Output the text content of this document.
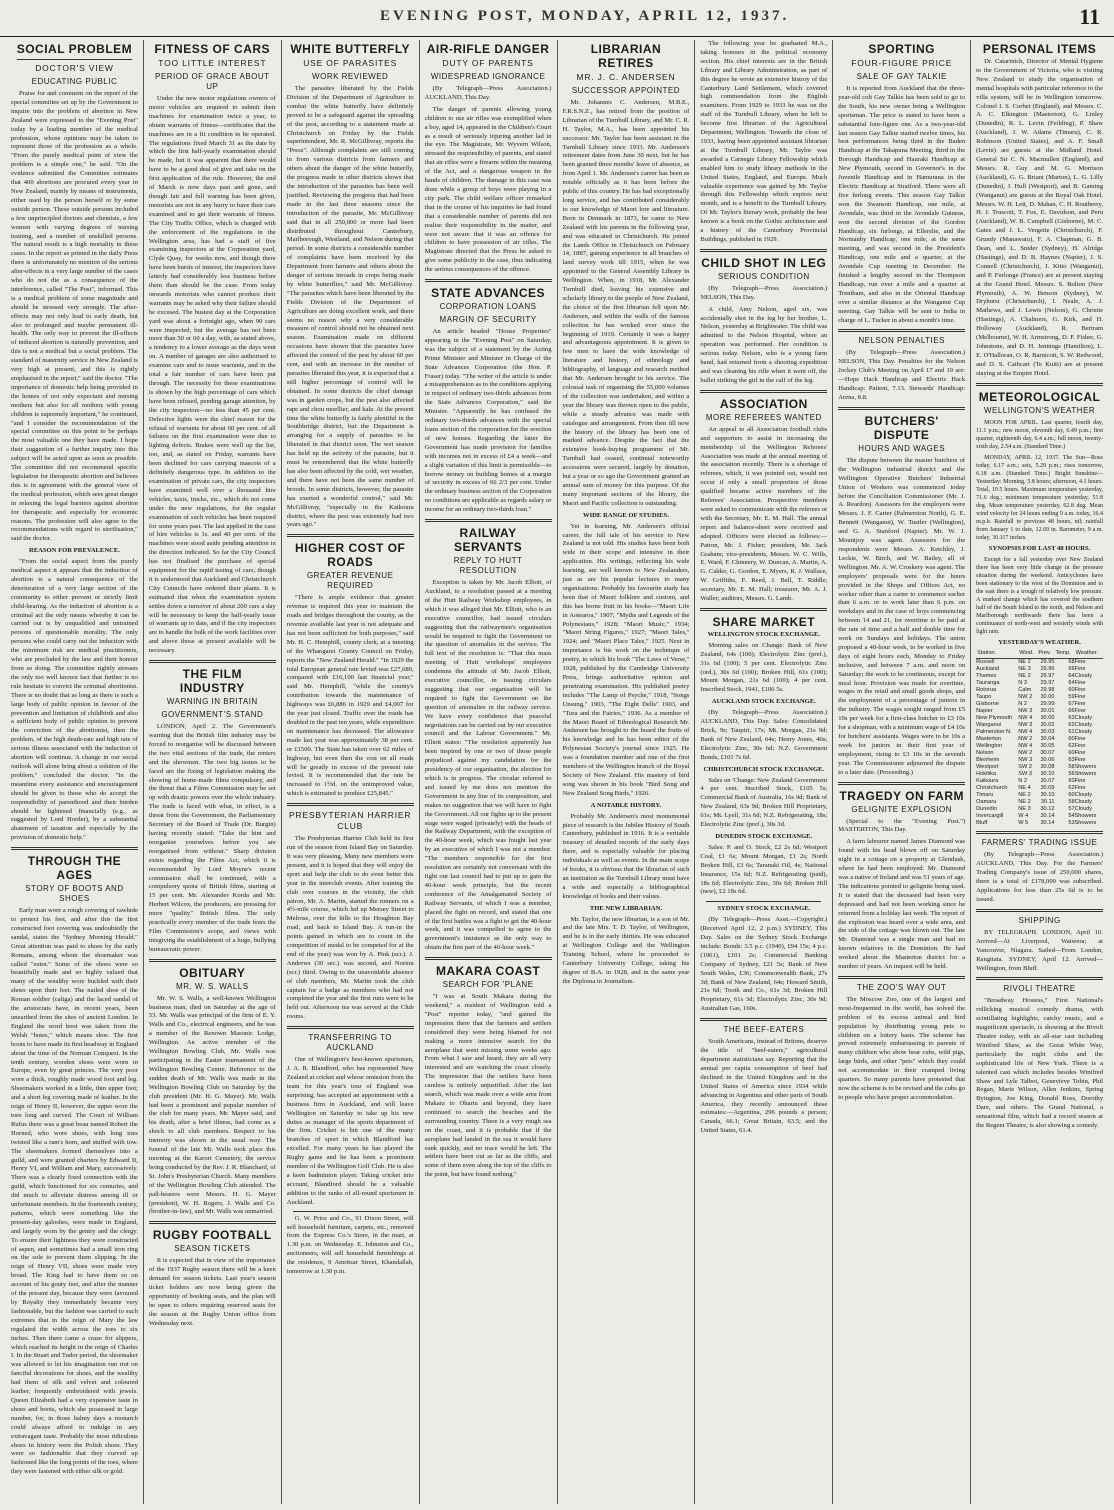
EVENING POST, MONDAY, APRIL 12, 1937.	11
SOCIAL PROBLEM
DOCTOR'S VIEW
EDUCATING PUBLIC

Praise for and comment on the report of the special committee set up by the Government to inquire into the problem of abortion in New Zealand were expressed to the "Evening Post" today by a leading member of the medical profession, whose opinions may be taken to represent those of the profession as a whole. "From the purely medical point of view the problem is a simple one," he said. "On the evidence submitted the Committee estimates that 400 abortions are procured every year in New Zealand, mainly by means of instruments, either used by the person herself or by some outside person. These outside persons included a few unprincipled doctors and chemists, a few women with varying degrees of nursing training, and a number of unskilled persons. The natural result is a high mortality in these cases. In the report as printed in the daily Press there is unfortunately no mention of the serious after-effects in a very large number of the cases who do not die as a consequence of the interference, called "The Post", informed. This is a medical problem of some magnitude and should be stressed very strongly. The after-effects may not only lead to early death, but also to prolonged and maybe permanent ill-health. The only way to prevent the ill-effects of induced abortion is naturally prevention, and this is not a medical but a social problem. The standard of maternity service in New Zealand is very high at present, and this is rightly emphasised in the report," said the doctor. "The importance of domestic help being provided in the homes of not only expectant and nursing mothers but also for all mothers with young children is supremely important," he continued, "and I consider the recommendation of the special committee on this point to be perhaps the most valuable one they have made. I hope their suggestion of a further inquiry into this subject will be acted upon as soon as possible. The committee did not recommend specific legislation for therapeutic abortion and believes this is in agreement with the general view of the medical profession, which sees great danger in relaxing the legal barriers against abortion for therapeutic and especially for economic reasons. The profession will also agree to the recommendations with regard to sterilisation," said the doctor.

REASON FOR PREVALENCE.

"From the social aspect from the purely medical aspect it appears that the induction of abortion is a natural consequence of the deterioration of a very large section of the community to either prevent or strictly limit child-bearing. As the induction of abortion is a criminal act the only means whereby it can be carried out is by unqualified and untrained persons of questionable morality. The only persons who could carry out the induction with the minimum risk are medical practitioners, who are precluded by the law and their honour from so doing. The committee rightly stresses the only too well known fact that further is no rule hesitate to convict the criminal abortionist. There is no doubt that as long as there is such a large body of public opinion in favour of the prevention and limitation of childbirth and also a sufficient body of public opinion to prevent the conviction of the abortionist, then the problem, of the high death-rate and high rate of serious illness associated with the induction of abortion will continue. A change in our social outlook will alone bring about a solution of the problem," concluded the doctor. "In the meantime every assistance and encouragement should be given to those who do accept the responsibility of parenthood and their burden should be lightened financially (e.g., as suggested by Lord Horder), by a substantial abatement of taxation and especially by the provision of domestic help."

THROUGH THE AGES
STORY OF BOOTS AND SHOES

Early man wore a rough covering of rawhide to protect his feet, and after this the first constructed foot covering was undoubtedly the sandal, states the "Sydney Morning Herald." Great attention was paid to shoes by the early Romans, among whom the shoemaker was called "sutor." Some of the shoes were so beautifully made and so highly valued that many of the wealthy wore buckled with their shoes upon their feet. The nailed shoe of the Roman soldier (caliga) and the laced sandal of the aristocrats have, in recent years, been unearthed from the sites of ancient London. In England the word boot was taken from the Welsh "botes," which means shoe. The first boots to have made its first headway in England about the time of the Norman Conquest. In the tenth century, wooden shoes were worn in Europe, even by great princes. The very poor wore a thick, roughly made wood foot and leg. Shoemakers worked in a little, thin upper foot; and a short leg covering made of leather. In the reign of Henry II, however, the upper wore the toes long and curved. The Court of William Rufus there was a great beau named Robert the Horned, who wore shoes, with long toes twisted like a ram's horn, and stuffed with tow. The shoemakers formed themselves into a guild, and were granted charters by Edward II, Henry VI, and William and Mary, successively. There was a clearly fixed connection with the guild, which functioned for six centuries, and did much to alleviate distress among ill or unfortunate members. In the fourteenth century, patterns, which were something like the present-day galoshes, were made in England, and largely worn by the gentry and the clergy. To ensure their lightness they were constructed of aspen, and sometimes had a small iron ring on the sole to prevent them slipping. In the reign of Henry VII, shoes were made very broad. The King had to have them so on account of his gouty feet, and after the manner of the present day, because they were favoured by Royalty they immediately became very fashionable, but the fashion was carried to such extremes that in the reign of Mary the law regulated the width across the toes to six inches. Then there came a craze for slippers, which reached its height in the reign of Charles I. In the Stuart and Tudor period, the shoemaker was allowed to let his imagination run riot on fanciful decorations for shoes, and the wealthy had them of silk and velvet and coloured leather, frequently embroidered with jewels. Queen Elizabeth had a very expensive taste in shoes and boots, which she possessed in large number, for, in those balmy days a monarch could always afford to indulge in any extravagant taste. Probably the most ridiculous shoes in history were the Polish shoes. They were so fashionable that they curved up fashioned like the long points of the toes, where they were fastened with either silk or gold.

FITNESS OF CARS
TOO LITTLE INTEREST
PERIOD OF GRACE ABOUT UP

Under the new motor regulations owners of motor vehicles are required to submit their machines for examination twice a year, to obtain warrants of fitness—certificates that the machines are in a fit condition to be operated. The regulations fixed March 31 as the date by which the first half-yearly examination should be made, but it was apparent that there would have to be a good deal of give and take on the first application of the rule. However, the end of March is now days past and gone, and though fair and full warning has been given, motorists are not in any hurry to have their cars examined and to get their warrants of fitness. The City Traffic Office, which is charged with the enforcement of the regulations in the Wellington area, has had a staff of five examining inspectors at the Corporation yard, Clyde Quay, for weeks now, and though there have been bursts of interest, the inspectors have latterly had considerably less business before them than should be the case. From today onwards motorists who cannot produce their warrants may be asked why their failure should be excused. The busiest day at the Corporation yard was about a fortnight ago, when 90 cars were inspected, but the average has not been more than 50 or 60 a day, with, as stated above, a tendency to a lower average as the days went on. A number of garages are also authorised to examine cars and to issue warrants, and in the total a fair number of cars have been put through. The necessity for these examinations is shown by the high percentage of cars which have been refused, pending garage attention, by the city inspectors—no less than 45 per cent. Defective lights were the chief reason for the refusal of warrants for about 60 per cent. of all failures on the first examination were due to lighting defects. Brakes were well up the list, too, and, as stated on Friday, warrants have been declined for cars carrying mascots of a definitely dangerous type. In addition to the examination of private cars, the city inspectors have examined well over a thousand hire vehicles, taxis, trucks, etc., which do not come under the new regulations, for the regular examination of such vehicles has been required for some years past. The last applied in the case of hire vehicles is 1s. and 40 per cent. of the machines were stood aside pending attention in the direction indicated. So far the City Council has not finalised the purchase of special equipment for the rapid testing of cars, though it is understood that Auckland and Christchurch City Councils have ordered their plants. It is estimated that when the examination system settles down a turnover of about 200 cars a day will be necessary to keep the half-yearly issue of warrants up to date, and if the city inspectors are to handle the bulk of the work facilities over and above those at present available will be necessary.

THE FILM INDUSTRY
WARNING IN BRITAIN
GOVERNMENT'S STAND

LONDON, April 2. The Government's warning that the British film industry may be forced to reorganise will be discussed between the two vital sections of the trade, the renters and the showmen. The two big issues to be faced are the fixing of legislation making the showing of home-made films compulsory, and the threat that a Films Commission may be set up with drastic powers over the whole industry. The trade is faced with what, in effect, is a threat from the Government, the Parliamentary Secretary of the Board of Trade (Dr. Burgin) having recently stated: "Take the hint and reorganise yourselves before you are reorganised from without." Sharp division exists regarding the Films Act, which it is recommended by Lord Moyne's recent commission shall be continued, with a compulsory quota of British films, starting at 15 per cent. Mr. Alexander Korda and Mr. Herbert Wilcox, the producers, are pressing for more "quality" British films. The only practically every member of the trade fears the Film Commission's scope, and views with misgiving the establishment of a huge, bullying bureaucratic power.

OBITUARY
MR. W. S. WALLS

Mr. W. S. Walls, a well-known Wellington business man, died on Saturday at the age of 53. Mr. Walls was principal of the firm of E. Y. Walls and Co., electrical engineers, and he was a member of the Renown Masonic Lodge, Wellington. An active member of the Wellington Bowling Club, Mr. Walls was participating in the Easter tournament of the Wellington Bowling Centre. Reference to the sudden death of Mr. Walls was made in the Wellington Bowling Club on Saturday by the club president (Mr. H. G. Mayer). Mr. Walls had been a prominent and popular member of the club for many years, Mr. Mayer said, and his death, after a brief illness, had come as a shock to all club members. Respect to his memory was shown in the usual way. The funeral of the late Mr. Walls took place this morning at the Karori Cemetery, the service being conducted by the Rev. J. R. Blanchard, of St. John's Presbyterian Church. Many members of the Wellington Bowling Club attended. The pall-bearers were Messrs. H. G. Mayer (president), W. H. Rogers, J. Walls and Co. (brother-in-law), and Mr. Walls was unmarried.

RUGBY FOOTBALL
SEASON TICKETS

It is expected that in view of the importance of the 1937 Rugby season there will be a keen demand for season tickets. Last year's season ticket holders are now being given the opportunity of booking seats, and the plan will be open to others requiring reserved seats for the season at the Rugby Union office from Wednesday next.

WHITE BUTTERFLY
USE OF PARASITES
WORK REVIEWED

The parasites liberated by the Fields Division of the Department of Agriculture to combat the white butterfly have definitely proved to be a safeguard against the spreading of the pest, according to a statement made at Christchurch on Friday by the Fields superintendent, Mr. R. McGillivray, reports the "Press". Although complaints are still coming in from various districts from farmers and others about the danger of the white butterfly, the progress made in other districts shows that the introduction of the parasites has been well justified. Reviewing the progress that had been made in the last three seasons since the introduction of the parasite, Mr. McGillivray said that in all 250,000 or more had been distributed throughout Canterbury, Marlborough, Westland, and Nelson during that period. In some districts a considerable number of complaints have been received by the Department from farmers and others about the danger of serious inroads in crops being made by white butterflies," said Mr. McGillivray. "The parasites which have been liberated by the Fields Division of the Department of Agriculture are doing excellent work, and there seems no reason why a very considerable measure of control should not be obtained next season. Examination made on different occasions have shown that the parasites have affected the control of the pest by about 60 per cent, and with an increase in the number of parasites liberated this year, it is expected that a still higher percentage of control will be obtained. In some districts the chief damage was in garden crops, but the pest also affected rape and chou moellier, and kale. At the present time the white butterfly is fairly plentiful in the Southbridge district, but the Department is arranging for a supply of parasites to be liberated in that district soon. The wet season has held up the activity of the parasite, but it must be remembered that the white butterfly has also been affected by the cold, wet weather, and there have not been the same number of broods. In some districts, however, the parasite has exerted a wonderful control," said Mr. McGillivray, "especially in the Kaikoura district, where the pest was extremely bad two years ago."

HIGHER COST OF ROADS
GREATER REVENUE REQUIRED

"There is ample evidence that greater revenue is required this year to maintain the roads and bridges throughout the county, as the revenue available last year is not adequate and has not been sufficient for both purposes," said Mr. H. C. Hemphill, county clerk, at a meeting of the Whangarei County Council on Friday, reports the "New Zealand Herald." "In 1929 the total European general rate levied was £27,680, compared with £16,100 last financial year," said Mr. Hemphill, "while the county's contribution towards the maintenance of highways was £6,886 in 1929 and £4,007 for the year just closed. Traffic over the roads has doubled in the past ten years, while expenditure on maintenance has decreased. The allowance made last year was approximately 38 per cent. or £1500. The State has taken over 62 miles of highway, but even then the cost on all roads will be greatly in excess of the present rate levied. It is recommended that the rate be increased to 1½d. on the unimproved value, which is estimated to produce £25,845."

PRESBYTERIAN HARRIER CLUB

The Presbyterian Harrier Club held its first run of the season from Island Bay on Saturday. It was very pleasing, Many new members were present, and it is hoped that they will enjoy the sport and help the club to do even better this year in the interclub events. After training the club over courses in the vicinity, the club patron, Mr. A. Martin, started the runners on a 4½-mile course, which led up Mersey Street to Melrose, over the hills to the Houghton Bay road, and back to Island Bay. A run-in the points gained in which are to count in the competition of medal to be competed for at the end of the year) was won by A. Pink (scr.). J. Andrews (30 sec.) was second, and Norton (scr.) third. Owing to the unavoidable absence of club members, Mr. Martin took the club captain for a badge as members who had not completed the year and the first runs were to be held out. Afternoon tea was served at the Club rooms.

TRANSFERRING TO AUCKLAND

One of Wellington's best-known sportsmen, J. A. R. Blandford, who has represented New Zealand at cricket and whose omission from the team for this year's tour of England was surprising, has accepted an appointment with a business firm in Auckland, and will leave Wellington on Saturday to take up his new duties as manager of the sports department of the firm. Cricket is but one of the many branches of sport in which Blandford has excelled. For many years he has played the Rugby game and he has been a prominent member of the Wellington Golf Club. He is also a keen badminton player. Taking cricket into account, Blandford should be a valuable addition to the ranks of all-round sportsmen in Auckland.

G. W. Price and Co., 91 Dixon Street, will sell household furniture, carpets, etc., removed from the Express Co.'s Store, in the mart, at 1.30 p.m. on Wednesday. E. Johnston and Co., auctioneers, will sell household furnishings at the residence, 9 Amritsar Street, Khandallah, tomorrow at 1.30 p.m.

AIR-RIFLE DANGER
DUTY OF PARENTS
WIDESPREAD IGNORANCE

(By Telegraph—Press Association.) AUCKLAND, This Day.

The danger of parents allowing young children to use air rifles was exemplified when a boy, aged 14, appeared in the Children's Court as a result of seriously injuring another lad in the eye. The Magistrate, Mr. Wyvern Wilson, stressed the responsibility of parents, and stated that air rifles were a firearm within the meaning of the Act, and a dangerous weapon in the hands of children. The damage in this case was done while a group of boys were playing in a city park. The child welfare officer remarked that in the course of his inquiries he had found that a considerable number of parents did not realise their responsibility in the matter, and were not aware that it was an offence for children to have possession of air rifles. The Magistrate directed that the Press be asked to give some publicity to the case, thus indicating the serious consequences of the offence.

STATE ADVANCES
CORPORATION LOANS
MARGIN OF SECURITY

An article headed "House Properties" appearing in the "Evening Post" on Saturday, was the subject of a statement by the Acting Prime Minister and Minister in Charge of the State Advances Corporation (the Hon. P. Fraser) today. "The writer of the article is under a misapprehension as to the conditions applying in respect of ordinary two-thirds advances from the State Advances Corporation," said the Minister. "Apparently he has confused the ordinary two-thirds advances with the special loans section of the corporation for the erection of new houses. Regarding the latter the Government has made provision for families with incomes not in excess of £4 a week—and a slight variation of this limit is permissible—to borrow money on building homes at a margin of security in excess of 66 2/3 per cent. Under the ordinary business section of the Corporation no conditions are applicable as regards salary or income for an ordinary two-thirds loan."

RAILWAY SERVANTS
REPLY TO HUTT RESOLUTION

Exception is taken by Mr. Jacob Elliott, of Auckland, to a resolution passed at a meeting of the Hutt Railway Workshop employees, in which it was alleged that Mr. Elliott, who is an executive councillor, had issued circulars suggesting that the railwaymen's organisation would be required to fight the Government on the question of anomalies in the service. The full text of the resolution is: "That this mass meeting of Hutt workshops' employees condemns the attitude of Mr. Jacob Elliott, executive councillor, in issuing circulars suggesting that our organisation will be required to fight the Government on the question of anomalies in the railway service. We have every confidence that peaceful negotiations can be carried out by our executive council and the Labour Government." Mr. Elliott states: "The resolution apparently has been inspired by one or two of those people prejudiced against my candidature for the presidency of our organisation, the election for which is in progress. The circular referred to and issued by me does not mention the Government in any line of its composition, and makes no suggestion that we will have to fight the Government. All our fights up to the present stage were waged (privately) with the heads of the Railway Department, with the exception of the 40-hour week, which was fought last year by an executive of which I was not a member. "The members responsible for the first resolution are certainly not conversant with the fight our last council had to put up to gain the 40-hour week principle, but the recent conference of the Amalgamated Society of Railway Servants, of which I was a member, placed the fight on record, and stated that one of the first battles was a fight to get the 40-hour week, and it was compelled to agree to the government's insistence as the only way to obtain the first part of the 40-hour week."

MAKARA COAST
SEARCH FOR 'PLANE

"I was at South Makara during the weekend," a resident of Wellington told a "Post" reporter today, "and gained the impression there that the farmers and settlers considered they were being blamed for not making a more intensive search for the aeroplane that went missing some weeks ago. From what I saw and heard, they are all very interested and are watching the coast closely. The impression that the settlers have been careless is entirely unjustified. After the last search, which was made over a wide area from Makara to Ohariu and beyond, they have continued to search the beaches and the surrounding country. There is a very rough sea on the coast, and it is probable that if the aeroplane had landed in the sea it would have sunk quickly, and no trace would be left. The settlers have been out as far as the cliffs, and some of them even along the top of the cliffs to the point, but have found nothing."

LIBRARIAN RETIRES
MR. J. C. ANDERSEN
SUCCESSOR APPOINTED

Mr. Johannes C. Andersen, M.B.E., F.R.S.N.Z., has retired from the position of Librarian of the Turnbull Library, and Mr. C. R. H. Taylor, M.A., has been appointed his successor. Mr. Taylor has been assistant in the Turnbull Library since 1933. Mr. Andersen's retirement dates from June 30 next, but he has been granted three months' leave of absence, as from April 1. Mr. Andersen's career has been as notable officially as it has been before the public of this country. He has had exceptionally long service, and has contributed considerably to our knowledge of Maori lore and literature. Born in Denmark in 1873, he came to New Zealand with his parents in the following year, and was educated in Christchurch. He joined the Lands Office in Christchurch on February 14, 1887, gaining experience in all branches of land survey work till 1915, when he was appointed to the General Assembly Library in Wellington. When, in 1918, Mr. Alexander Turnbull died, leaving his extensive and scholarly library to the people of New Zealand, the choice of the first librarian fell upon Mr. Andersen, and within the walls of the famous collection he has worked ever since the beginning of 1919. Certainly it was a happy and advantageous appointment. It is given to few men to have the wide knowledge of literature and history, of ethnology and bibliography, of language and research method that Mr. Andersen brought to his service. The colossal task of organising the 55,000 volumes of the collection was undertaken, and within a year the library was thrown open to the public, while a steady advance was made with catalogue and arrangement. From then till now the history of the library has been one of marked advance. Despite the fact that the extensive book-buying programme of Mr. Turnbull had ceased, continual noteworthy accessions were secured, largely by donation, but a year or so ago the Government granted an annual sum of money for this purpose. Of the many important sections of the library, the Maori and Pacific collection is outstanding.

WIDE RANGE OF STUDIES.

Yet in learning, Mr. Andersen's official career, the full tale of his service to New Zealand is not told. His studies have been both wide in their scope and intensive in their application. His writings, reflecting his wide learning, are well known to New Zealanders, just as are his popular lectures to many organisations. Probably his favourite study has been that of Maori folklore and custom, and this has borne fruit in his books—"Maori Life in Aotearoa," 1907; "Myths and Legends of the Polynesians," 1928; "Maori Music," 1934; "Maori String Figures," 1927; "Maori Tales," 1924; and "Maori Place Tales," 1925. Next in importance is his work on the technique of poetry, to which his book "The Laws of Verse," 1928, published by the Cambridge University Press, brings authoritative opinion and penetrating examination. His published poetry includes "The Lamp of Psyche," 1918, "Songs Unsung," 1903, "The Eight Dells" 1903, and "Tura and the Fairies," 1936. As a member of the Maori Board of Ethnological Research Mr. Andersen has brought to the board the fruits of his knowledge and he has been editor of the Polynesian Society's journal since 1925. He was a foundation member and one of the first members of the Wellington branch of the Royal Society of New Zealand. His mastery of bird song was shown in his book "Bird Song and New Zealand Song Birds," 1926.

A NOTABLE HISTORY.

Probably Mr. Andersen's most monumental piece of research is the Jubilee History of South Canterbury, published in 1916. It is a veritable treasury of detailed records of the early days there, and is especially valuable for placing individuals as well as events. In the main scope of books, it is obvious that the librarian of such an institution as the Turnbull Library must have a wide and especially a bibliographical knowledge of books and their values.

THE NEW LIBRARIAN.

Mr. Taylor, the new librarian, is a son of Mr. and the late Mrs. T. D. Taylor, of Wellington, and he is in the early thirties. He was educated at Wellington College and the Wellington Training School, where he proceeded to Canterbury University College, taking his degree of B.A. in 1928, and in the same year the Diploma in Journalism.

The following year he graduated M.A., taking honours in the political economy section. His chief interests are in the British Library and Library Administration, as part of this degree he wrote an extensive history of the Canterbury Land Settlement, which covered high commendation from the English examiners. From 1929 to 1933 he was on the staff of the Turnbull Library, when he left to become first librarian of the Agricultural Department, Wellington. Towards the close of 1933, having been appointed assistant librarian at the Turnbull Library, Mr. Taylor was awarded a Carnegie Library Fellowship which enabled him to study library methods in the United States, England, and Europe. Much valuable experience was gained by Mr. Taylor through this Fellowship which expires next month, and is a benefit to the Turnbull Library. Of Mr. Taylor's literary work, probably the best known is a book on the Gothic architecture and a history of the Canterbury Provincial Buildings, published in 1929.

CHILD SHOT IN LEG
SERIOUS CONDITION

(By Telegraph—Press Association.) NELSON, This Day.

A child, Amy Nelson, aged six, was accidentally shot in the leg by her brother, L. Nelson, yesterday at Brightwater. The child was admitted to the Nelson Hospital, where an operation was performed. Her condition is serious today. Nelson, who is a young farm hand, had returned from a shooting expedition and was cleaning his rifle when it went off, the bullet striking the girl in the calf of the leg.

ASSOCIATION
MORE REFEREES WANTED

An appeal to all Association football clubs and supporters to assist in increasing the membership of the Wellington Referees' Association was made at the annual meeting of the association recently. There is a shortage of referees, which, it was pointed out, would not occur if only a small proportion of those qualified became active members of the Referees' Association. Prospective members were asked to communicate with the referees or with the Secretary, Mr. E. M. Hall. The annual report and balance-sheet were received and adopted. Officers were elected as follows:—Patron, Mr. J. Fisher; president, Mr. Jack Graham; vice-presidents, Messrs. W. C. Wills, E. Ward, F. Chinnery, W. Duncan, A. Martin, A. G. Calder, G. Gordon, E. Myers, R. J. Wallace, W. Griffiths, F. Reed, J. Bell, T. Riddle; secretary, Mr. E. M. Hall; treasurer, Mr. A. J. Waller; auditors, Messrs. G. Lamb.

SHARE MARKET
WELLINGTON STOCK EXCHANGE.

Morning sales on Change: Bank of New Zealand, 64s (100); Electrolytic Zinc (pref.), 31s 6d (100); 5 per cent. Electrolytic Zinc (ord.), 30s 6d (100); Broken Hill, 61s (100); Mount Morgan, 21s 6d (100); 4 per cent. Inscribed Stock, 1941, £106 5s.

AUCKLAND STOCK EXCHANGE.

(By Telegraph—Press Association.) AUCKLAND, This Day. Sales: Consolidated Brick, 9s; Taupiri, 17s; Mt. Morgan, 21s 9d; Bank of New Zealand, 64s; Henry Jones, 40s; Electrolytic Zinc, 30s 6d; N.Z. Government Bonds, £101 7s 6d.

CHRISTCHURCH STOCK EXCHANGE.

Sales on 'Change: New Zealand Government 4 per cent. Inscribed Stock, £105 5s; Commercial Bank of Australia, 16s 9d; Bank of New Zealand, 63s 9d; Broken Hill Proprietary, 61s; Mt. Lyell, 31s 6d; N.Z. Refrigerating, 18s; Electrolytic Zinc (pref.), 30s 3d.

DUNEDIN STOCK EXCHANGE.

Sales: P. and O. Stock, £2 2s 6d; Westport Coal, £1 6s; Mount Morgan, £1 2s; North Broken Hill, £3 6s; Taranaki Oil, 4s; National Insurance, 15s 6d; N.Z. Refrigerating (paid), 18s 6d; Electrolytic Zinc, 30s 6d; Broken Hill (new), £2 18s 6d.

SYDNEY STOCK EXCHANGE.

(By Telegraph—Press Assn.—Copyright.) (Received April 12, 2 p.m.) SYDNEY, This Day. Sales on the Sydney Stock Exchange include: Bonds: 3.5 p.c. (1940), £94 15s; 4 p.c. (1961), £101 2s; Commercial Banking Company of Sydney, £21 5s; Bank of New South Wales, £36; Commonwealth Bank, 27s 3d; Bank of New Zealand, 64s; Howard Smith, 21s 6d; Tooth and Co., 61s 3d; Broken Hill Proprietary, 61s 3d; Electrolytic Zinc, 30s 9d; Australian Gas, 160s.

THE BEEF-EATERS

South Americans, instead of Britons, deserve the title of "beef-eaters," agricultural department statisticians say. Reporting that the annual per capita consumption of beef had declined in the United Kingdom and in the United States of America since 1934 while advancing in Argentina and other parts of South America, they recently announced these estimates:—Argentina, 296 pounds a person; Canada, 66.1; Great Britain, 63.5; and the United States, 61.4.

SPORTING
FOUR-FIGURE PRICE
SALE OF GAY TALKIE

It is reported from Auckland that the three-year-old colt Gay Talkie has been sold to go to the South, his new owner being a Wellington sportsman. The price is stated to have been a substantial four-figure one. As a two-year-old last season Gay Talkie started twelve times, his best performances being third in the Baden Handicap at the Takapuna Meeting, third in the Borough Handicap and Hauraki Handicap at New Plymouth, second in Governor's in the Juvenile Handicap and in Hamurana in the Electric Handicap at Stratford. There were all five furlong events. This season Gay Talkie won the Swanson Handicap, one mile, at Avondale, was third in the Avondale Guineas, won the second division of the Gordon Handicap, six furlongs, at Ellerslie, and the Normanby Handicap, one mile, at the same meeting, and was second in the President's Handicap, one mile and a quarter, at the Avondale Cup meeting in December. He finished a lengthy second in the Thompson Handicap, run over a mile and a quarter at Trentham, and also in the Oriental Handicap over a similar distance at the Wanganui Cup meeting. Gay Talkie will be sent to India in charge of L. Tucker in about a month's time.

NELSON PENALTIES

(By Telegraph—Press Association.) NELSON, This Day. Penalties for the Nelson Jockey Club's Meeting on April 17 and 19 are:—Hope Hack Handicap and Electric Hack Handicap: Patient, 7.13. Stewards' Handicap: Arena, 8.8.

BUTCHERS' DISPUTE
HOURS AND WAGES

The dispute between the master butchers of the Wellington industrial district and the Wellington Operative Butchers' Industrial Union of Workers was commenced today before the Conciliation Commissioner (Mr. J. A. Reardon). Assessors for the employers were Messrs. J. F. Carter (Palmerston North), G. E. Bennett (Wanganui), W. Tustler (Wellington), and G. A. Stanford (Napier). Mr. W. J. Mountjoy was agent. Assessors for the respondents were Messrs. A. Ketchley, J. Leckie, W. Birch, and W. Bailey, all of Wellington. Mr. A. W. Croskery was agent. The employers' proposals were for the hours provided in the Shops and Offices Act, no worker other than a carter to commence earlier than 6 a.m. or to work later than 6 p.m. on weekdays and in the case of boys commencing between 14 and 21, for overtime to be paid at the rate of time and a half and double time for work on Sundays and holidays. The union proposed a 40-hour week, to be worked in five days of eight hours each, Monday to Friday inclusive, and between 7 a.m. and noon on Saturday; the work to be continuous, except for meal hour. Provision was made for overtime, wages in the retail and small goods shops, and the employment of a percentage of juniors in the industry. The wages sought ranged from £5 10s per week for a first-class butcher to £3 10s for a shopman, with a minimum wage of £4 10s for butchers' assistants. Wages were to be 10s a week for juniors in their first year of employment, rising to £3 10s in the seventh year. The Commissioner adjourned the dispute to a later date. (Proceeding.)

TRAGEDY ON FARM
GELIGNITE EXPLOSION

(Special to the "Evening Post.") MASTERTON, This Day.

A farm labourer named James Diamond was found with his head blown off on Saturday night in a cottage on a property at Glendusk, where he had been employed. Mr. Diamond was a native of Ireland and was 51 years of age. The indications pointed to gelignite being used. It is stated that the deceased had been very depressed and had not been working since he returned from a holiday last week. The report of the explosion was heard over a wide area, and the side of the cottage was blown out. The late Mr. Diamond was a single man and had no known relatives in the Dominion. He had worked about the Masterton district for a number of years. An inquest will be held.

THE ZOO'S WAY OUT

The Moscow Zoo, one of the largest and most-frequented in the world, has solved the problem of its excess animal and bird population by distributing young pets to children on a lottery basis. The scheme has proved extremely embarrassing to parents of many children who show bear cubs, wild pigs, large birds, and other "pets" which they could not accommodate in their cramped living quarters. So many parents have protested that now the scheme is to be revised and the cubs go to people who have proper accommodation.

PERSONAL ITEMS

Dr. Catarinich, Director of Mental Hygiene to the Government of Victoria, who is visiting New Zealand to study the organisation of mental hospitals with particular reference to the villa system, will be in Wellington tomorrow. Colonel I. S. Corbet (England), and Messrs. C. A. C. Elkington (Masterton), G. Linley (Dunedin), R. L. Levin (Feilding), P. Shaw (Auckland), J. W. Adams (Timaru), C. R. Robinson (United States), and A. F. Small (Levin) are guests at the Midland Hotel. General Sir C. N. Macmullen (England), and Messrs. R. Guy and M. G. Morrison (Auckland), G. G. Briant (Marton), L. G. Lilly (Dunedin), J. Hull (Westport), and B. Gaming (Wanganui) are guests at the Royal Oak Hotel. Messrs. W. H. Lett, D. Mahan, C. H. Routberry, H. J. Truscott, T. Fox, E. Davidson, and Peru (Auckland), W. B. Campbell (Gisborne), M. C. Gates and J. L. Vergette (Christchurch), F. Grundy (Manawatu), F. A. Chapman, G. B. Dean, and L. Snider (Sydney), H. Alridge (Hastings), and D. B. Haynes (Napier), J. S. Connell (Christchurch), J. Kitto (Wanganui), and P. Furlonge (France) are at present staying at the Grand Hotel. Messrs. S. Bolton (New Plymouth), A. W. Benson (Sydney), W. Dryhurst (Christchurch), I. Neale, A. J. Mathews, and J. Lewis (Nelson), G. Christie (Hastings), A. Chalmers, G. Kirk, and H. Holloway (Auckland), R. Bertram (Melbourne), W. H. Armstrong, D. F. Fisher, G. Johnstone, and D. H. Jennings (Hamilton), L. E. O'Halloran, O. R. Barnicott, S. W. Redwood, and D. S. Cathcart (Te Kuiti) are at present staying at the Empire Hotel.

METEOROLOGICAL
WELLINGTON'S WEATHER

MOON FOR APRIL. Last quarter, fourth day, 11.1 p.m.; new moon, eleventh day, 6.49 p.m.; first quarter, eighteenth day, 6.4 a.m.; full moon, twenty-sixth day, 2.54 a.m. (Standard Time.)

MONDAY, APRIL 12, 1937. The Sun—Rose today, 6.17 a.m.; sets, 5.29 p.m.; rises tomorrow, 6.18 a.m. (Standard Time.) Bright Sunshine—Yesterday: Morning, 5.8 hours; afternoon, 4.1 hours. Total, 10.5 hours. Maximum temperature yesterday, 71.6 deg.; minimum temperature yesterday, 51.8 deg. Mean temperature yesterday, 62.8 deg. Mean wind velocity for 24 hours ending 9 a.m. today, 16.4 m.p.h. Rainfall to previous 48 hours, nil; rainfall from January 1 to date, 12.69 in. Barometer, 9 a.m. today, 30.117 inches.

SYNOPSIS FOR LAST 48 HOURS.

Except for a fall yesterday over New Zealand there has been very little change in the pressure situation during the weekend. Anticyclones have been stationary to the west of the Dominion and to the east there is a trough of relatively low pressure. A marked change which has covered the southern half of the South Island to the north, and Nelson and Marlborough northwards there has been a continuance of north-west and westerly winds with light rain.

YESTERDAY'S WEATHER.
Station.	Wind.	Prev.	Temp.	Weather.
Russell	NE 2	29.95	68	Fine
Auckland	NE 3	29.96	66	Fine
Thames	NE 2	29.97	64	Cloudy
Tauranga	N 3	29.97	64	Fine
Rotorua	Calm	29.98	60	Fine
Taupo	NW 2	30.00	59	Fine
Gisborne	N 2	29.99	67	Fine
Napier	NW 3	30.01	66	Fine
New Plymouth	NW 4	30.00	63	Cloudy
Wanganui	NW 3	30.02	62	Cloudy
Palmerston N.	NW 4	30.03	61	Cloudy
Masterton	NW 2	30.04	60	Fine
Wellington	NW 4	30.05	62	Fine
Nelson	NW 2	30.07	60	Fine
Blenheim	NW 3	30.06	63	Fine
Westport	SW 2	30.08	58	Showers
Hokitika	SW 3	30.10	56	Showers
Kaikoura	N 2	30.07	60	Fine
Christchurch	NE 4	30.09	62	Fine
Timaru	NE 2	30.10	60	Cloudy
Oamaru	NE 2	30.11	58	Cloudy
Dunedin	NE 3	30.12	57	Cloudy
Invercargill	W 4	30.14	54	Showers
Bluff	W 5	30.14	53	Showers
FARMERS' TRADING ISSUE

(By Telegraph—Press Association.) AUCKLAND, This Day. For the Farmers' Trading Company's issue of 250,000 shares, there is a total of £178,000 was subscribed. Applications for less than 25s 6d is to be issued.

SHIPPING

BY TELEGRAPH. LONDON, April 10. Arrived—At Liverpool, Waiwera; at Vancouver, Niagara. Sailed—From London, Rangitata. SYDNEY, April 12. Arrived—Wellington, from Bluff.

RIVOLI THEATRE

"Broadway Hostess," First National's rollicking musical comedy drama, with scintillating highlights, catchy music, and a magnificent spectacle, is showing at the Rivoli Theatre today, with an all-star cast including Winifred Shaw, as the Great White Way, particularly the night clubs and the sophisticated life of New York. There is a talented cast which includes besides Winifred Shaw and Lyle Talbot, Genevieve Tobin, Phil Regan, Marie Wilson, Allen Jenkins, Spring Byington, Joe King, Donald Ross, Dorothy Dare, and others. The Grand National, a sensational film, which had a record season at the Regent Theatre, is also showing a comedy.
